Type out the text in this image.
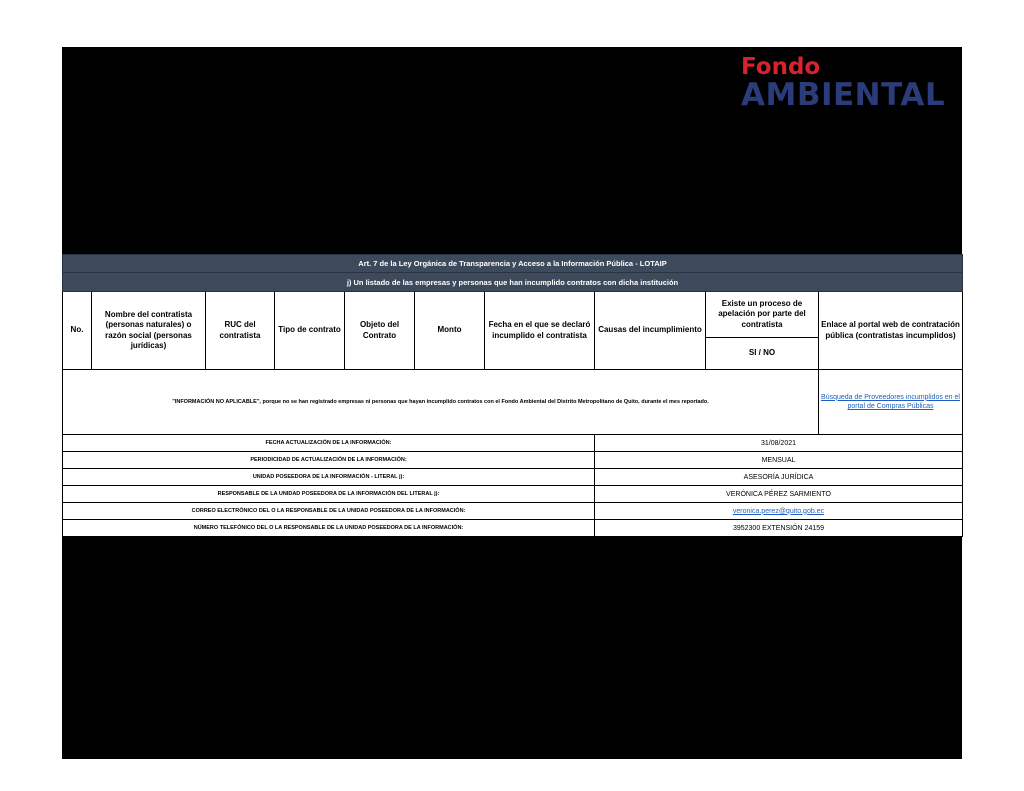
Fondo
AMBIENTAL
Art. 7 de la Ley Orgánica de Transparencia y Acceso a la Información Pública - LOTAIP									
j) Un listado de las empresas y personas que han incumplido contratos con dicha institución									
No.	Nombre del contratista (personas naturales) o razón social (personas jurídicas)	RUC del contratista	Tipo de contrato	Objeto del Contrato	Monto	Fecha en el que se declaró incumplido el contratista	Causas del incumplimiento	Existe un proceso de apelación por parte del contratista	Enlace al portal web de contratación pública (contratistas incumplidos)
								SI / NO	
"INFORMACIÓN NO APLICABLE", porque no se han registrado empresas ni personas que hayan incumplido contratos con el Fondo Ambiental del Distrito Metropolitano de Quito, durante el mes reportado.									Búsqueda de Proveedores incumplidos en el portal de Compras Públicas
FECHA ACTUALIZACIÓN DE LA INFORMACIÓN:							31/08/2021		
PERIODICIDAD DE ACTUALIZACIÓN DE LA INFORMACIÓN:							MENSUAL		
UNIDAD POSEEDORA DE LA INFORMACIÓN - LITERAL j):							ASESORÍA JURÍDICA		
RESPONSABLE DE LA UNIDAD POSEEDORA DE LA INFORMACIÓN DEL LITERAL j):							VERÓNICA PÉREZ SARMIENTO		
CORREO ELECTRÓNICO DEL O LA RESPONSABLE DE LA UNIDAD POSEEDORA DE LA INFORMACIÓN:							veronica.perez@quito.gob.ec		
NÚMERO TELEFÓNICO DEL O LA RESPONSABLE DE LA UNIDAD POSEEDORA DE LA INFORMACIÓN:							3952300 EXTENSIÓN 24159		
